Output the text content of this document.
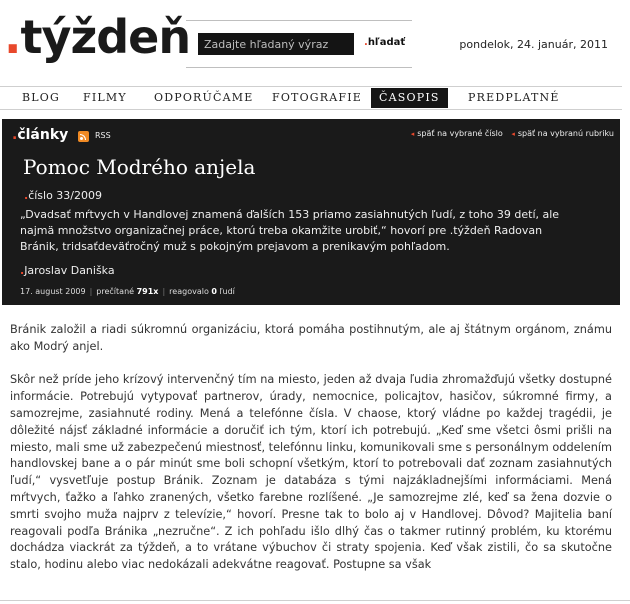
.týždeň
Zadajte hľadaný výraz	.hľadať	pondelok, 24. január, 2011
BLOG FILMY ODPORÚČAME FOTOGRAFIE	ČASOPIS	PREDPLATNÉ
.články	RSS	◂ späť na vybrané číslo ◂ späť na vybranú rubriku
Pomoc Modrého anjela
.číslo 33/2009
„Dvadsať mŕtvych v Handlovej znamená ďalších 153 priamo zasiahnutých ľudí, z toho 39 detí, ale najmä množstvo organizačnej práce, ktorú treba okamžite urobiť,“ hovorí pre .týždeň Radovan Bránik, tridsaťdeväťročný muž s pokojným prejavom a prenikavým pohľadom.
.Jaroslav Daniška
17. august 2009 | prečítané 791x | reagovalo 0 ľudí

Bránik založil a riadi súkromnú organizáciu, ktorá pomáha postihnutým, ale aj štátnym orgánom, známu ako Modrý anjel.

Skôr než príde jeho krízový intervenčný tím na miesto, jeden až dvaja ľudia zhromažďujú všetky dostupné informácie. Potrebujú vytypovať partnerov, úrady, nemocnice, policajtov, hasičov, súkromné firmy, a samozrejme, zasiahnuté rodiny. Mená a telefónne čísla. V chaose, ktorý vládne po každej tragédii, je dôležité nájsť základné informácie a doručiť ich tým, ktorí ich potrebujú. „Keď sme všetci ôsmi prišli na miesto, mali sme už zabezpečenú miestnosť, telefónnu linku, komunikovali sme s personálnym oddelením handlovskej bane a o pár minút sme boli schopní všetkým, ktorí to potrebovali dať zoznam zasiahnutých ľudí,“ vysvetľuje postup Bránik. Zoznam je databáza s tými najzákladnejšími informáciami. Mená mŕtvych, ťažko a ľahko zranených, všetko farebne rozlíšené. „Je samozrejme zlé, keď sa žena dozvie o smrti svojho muža najprv z televízie,“ hovorí. Presne tak to bolo aj v Handlovej. Dôvod? Majitelia baní reagovali podľa Bránika „nezručne“. Z ich pohľadu išlo dlhý čas o takmer rutinný problém, ku ktorému dochádza viackrát za týždeň, a to vrátane výbuchov či straty spojenia. Keď však zistili, čo sa skutočne stalo, hodinu alebo viac nedokázali adekvátne reagovať. Postupne sa však
